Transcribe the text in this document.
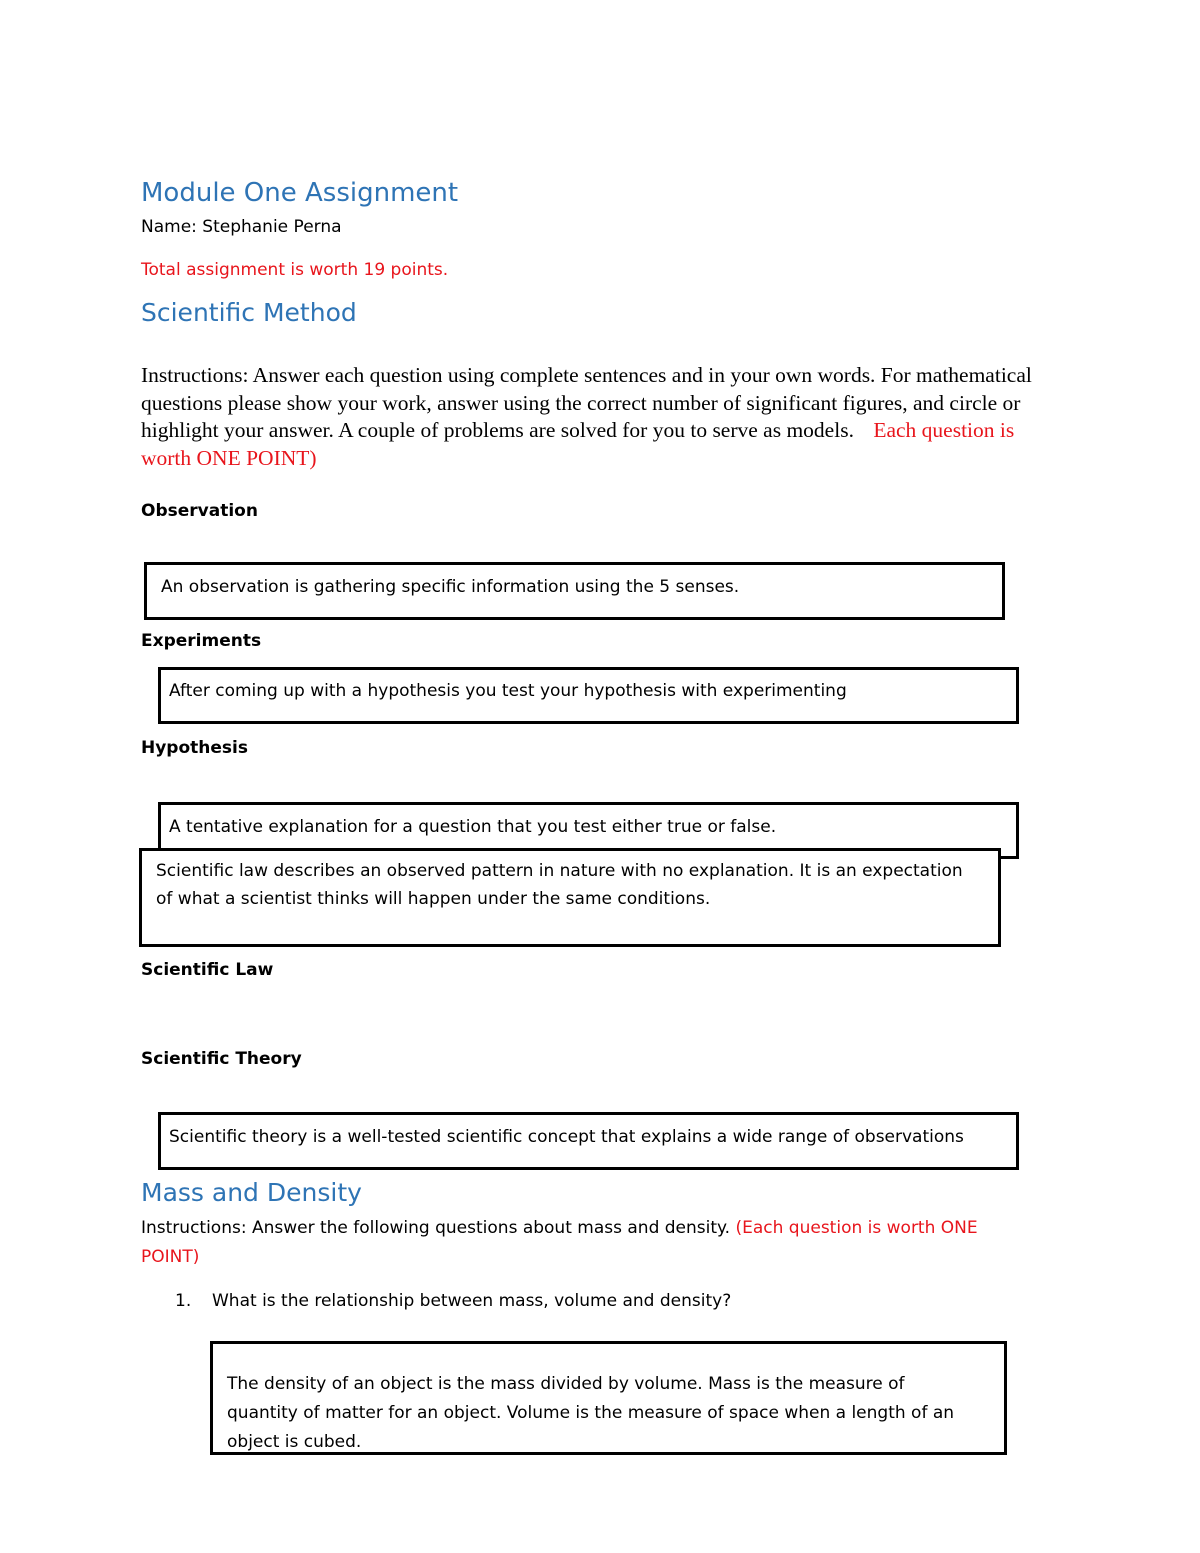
Module One Assignment
Name: Stephanie Perna
Total assignment is worth 19 points.
Scientific Method
Instructions: Answer each question using complete sentences and in your own words. For mathematical questions please show your work, answer using the correct number of significant figures, and circle or highlight your answer. A couple of problems are solved for you to serve as models. Each question is worth ONE POINT)
Observation
An observation is gathering specific information using the 5 senses.
Experiments
After coming up with a hypothesis you test your hypothesis with experimenting
Hypothesis
A tentative explanation for a question that you test either true or false.
Scientific law describes an observed pattern in nature with no explanation. It is an expectation of what a scientist thinks will happen under the same conditions.
Scientific Law
Scientific Theory
Scientific theory is a well-tested scientific concept that explains a wide range of observations
Mass and Density
Instructions: Answer the following questions about mass and density. (Each question is worth ONE POINT)
1. What is the relationship between mass, volume and density?
The density of an object is the mass divided by volume. Mass is the measure of quantity of matter for an object. Volume is the measure of space when a length of an object is cubed.
